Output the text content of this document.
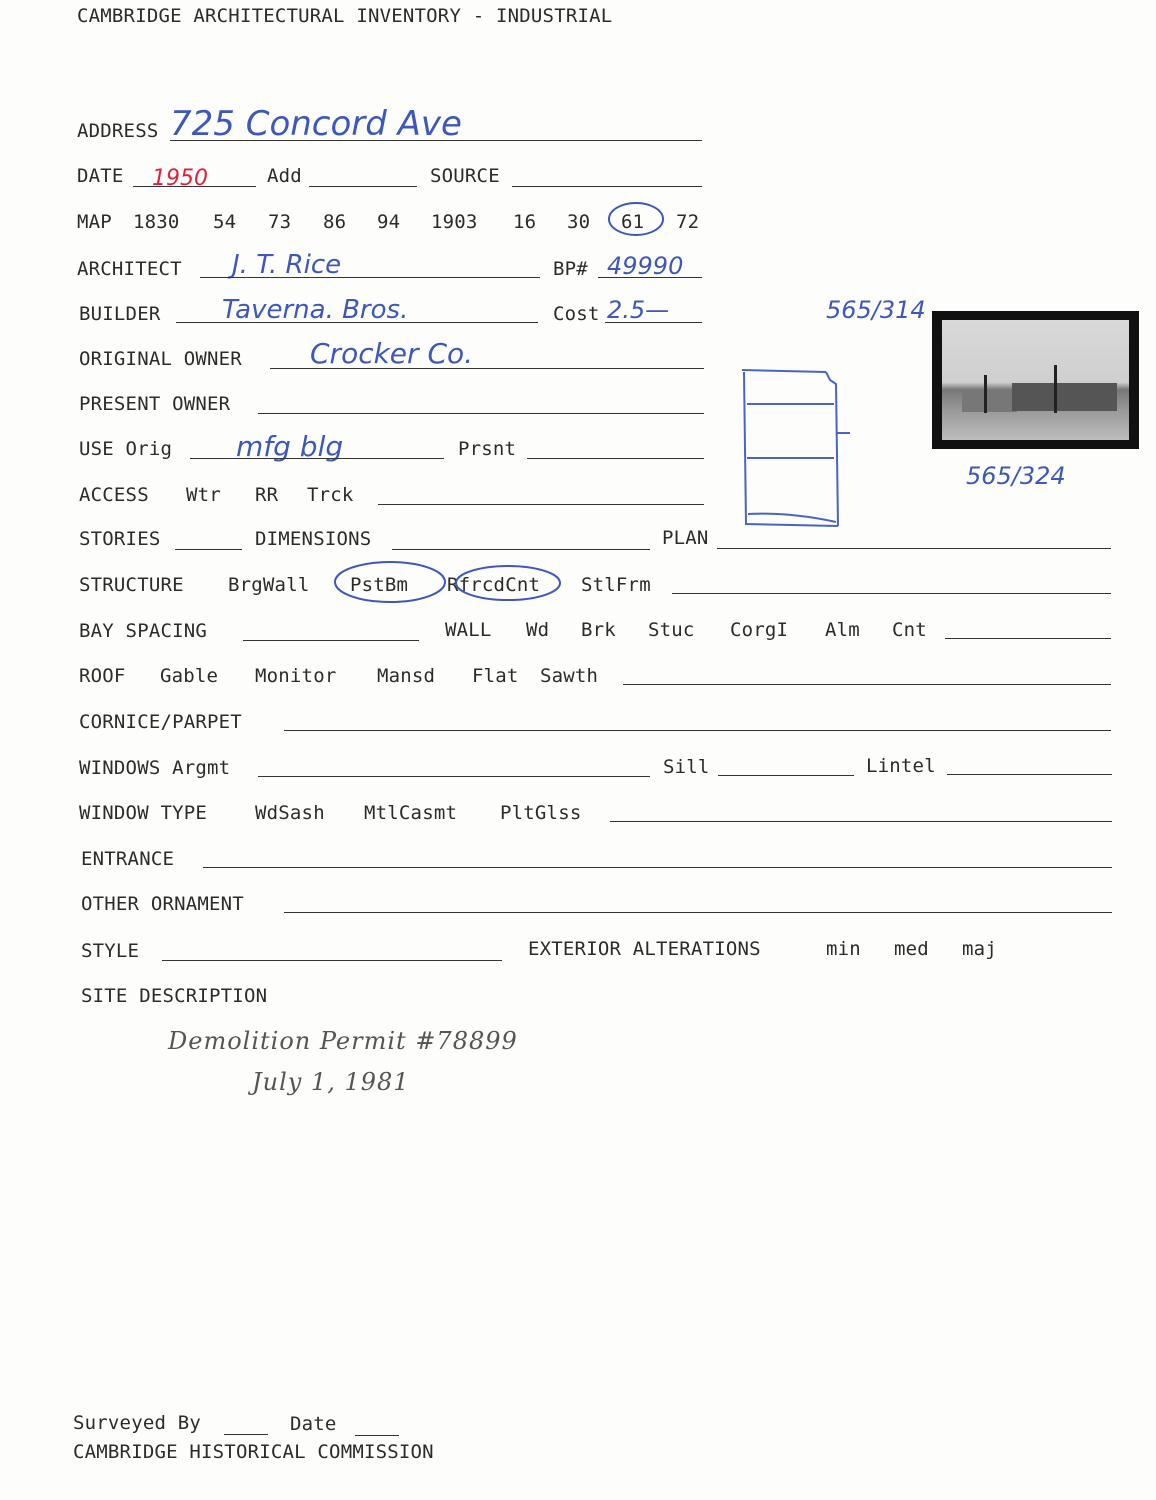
CAMBRIDGE ARCHITECTURAL INVENTORY - INDUSTRIAL
ADDRESS 725 Concord Ave
DATE 1950	Add	SOURCE
MAP 1830 54 73 86 94 1903 16 30 61 72
ARCHITECT J. T. Rice	BP# 49990
BUILDER Taverna. Bros.	Cost 2.5—
ORIGINAL OWNER Crocker Co.
PRESENT OWNER
USE Orig mfg blg	Prsnt
ACCESS Wtr RR Trck
STORIES	DIMENSIONS	PLAN
STRUCTURE BrgWall PstBm RfrcdCnt StlFrm
BAY SPACING	WALL Wd Brk Stuc CorgI Alm Cnt
ROOF Gable Monitor Mansd Flat Sawth
CORNICE/PARPET
WINDOWS Argmt	Sill	Lintel
WINDOW TYPE	WdSash MtlCasmt PltGlss
ENTRANCE
OTHER ORNAMENT
STYLE	EXTERIOR ALTERATIONS	min med maj
SITE DESCRIPTION
Demolition Permit #78899
July 1, 1981
565/314
565/324
Surveyed By	Date
CAMBRIDGE HISTORICAL COMMISSION
